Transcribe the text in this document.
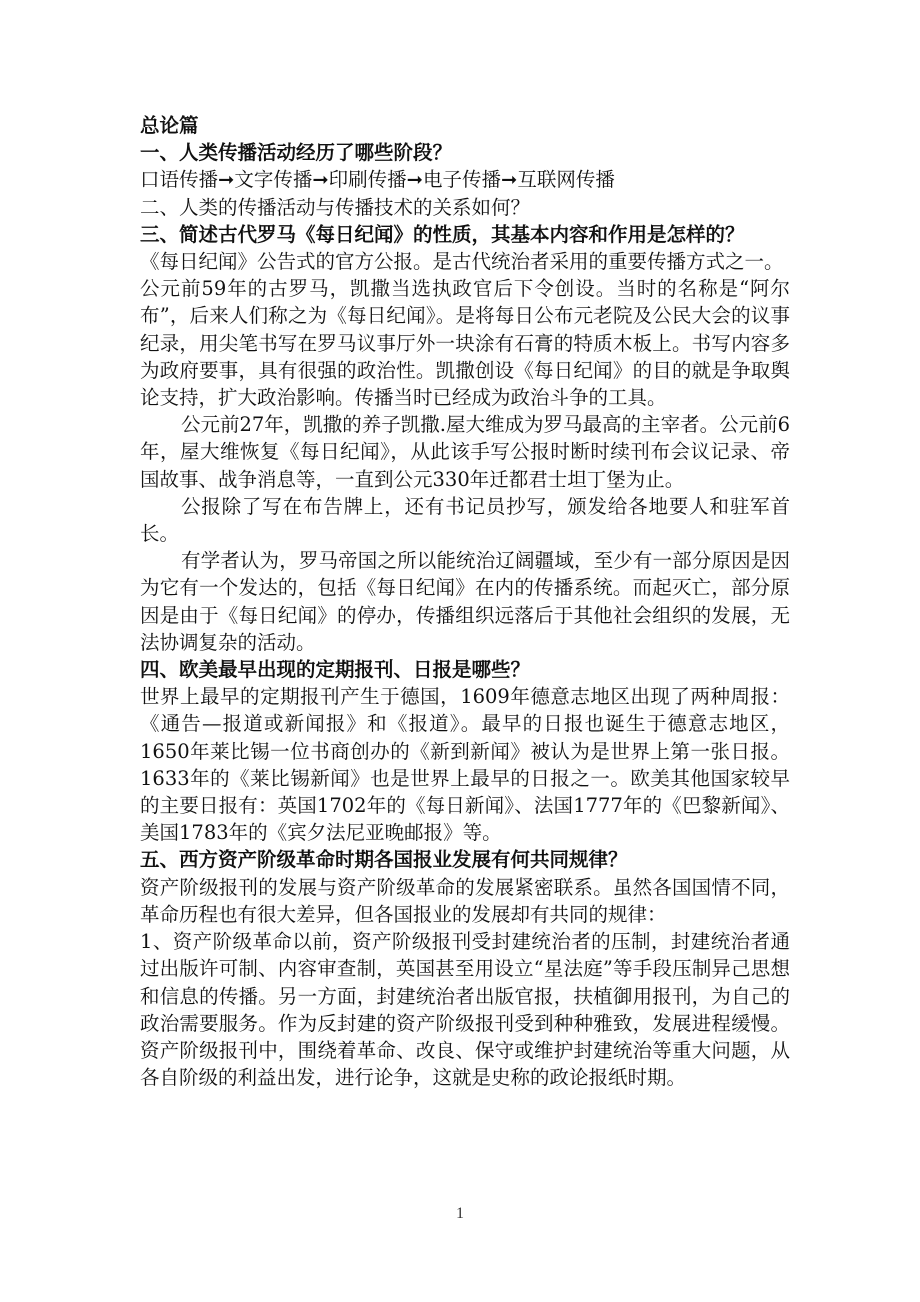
总论篇

一、人类传播活动经历了哪些阶段？

口语传播➞文字传播➞印刷传播➞电子传播➞互联网传播

二、人类的传播活动与传播技术的关系如何？

三、简述古代罗马《每日纪闻》的性质，其基本内容和作用是怎样的？

《每日纪闻》公告式的官方公报。是古代统治者采用的重要传播方式之一。

公元前59年的古罗马，凯撒当选执政官后下令创设。当时的名称是“阿尔布”，后来人们称之为《每日纪闻》。是将每日公布元老院及公民大会的议事纪录，用尖笔书写在罗马议事厅外一块涂有石膏的特质木板上。书写内容多为政府要事，具有很强的政治性。凯撒创设《每日纪闻》的目的就是争取舆论支持，扩大政治影响。传播当时已经成为政治斗争的工具。

公元前27年，凯撒的养子凯撒.屋大维成为罗马最高的主宰者。公元前6年，屋大维恢复《每日纪闻》，从此该手写公报时断时续刊布会议记录、帝国故事、战争消息等，一直到公元330年迁都君士坦丁堡为止。

公报除了写在布告牌上，还有书记员抄写，颁发给各地要人和驻军首长。

有学者认为，罗马帝国之所以能统治辽阔疆域，至少有一部分原因是因为它有一个发达的，包括《每日纪闻》在内的传播系统。而起灭亡，部分原因是由于《每日纪闻》的停办，传播组织远落后于其他社会组织的发展，无法协调复杂的活动。

四、欧美最早出现的定期报刊、日报是哪些？

世界上最早的定期报刊产生于德国，1609年德意志地区出现了两种周报：《通告—报道或新闻报》和《报道》。最早的日报也诞生于德意志地区，1650年莱比锡一位书商创办的《新到新闻》被认为是世界上第一张日报。1633年的《莱比锡新闻》也是世界上最早的日报之一。欧美其他国家较早的主要日报有：英国1702年的《每日新闻》、法国1777年的《巴黎新闻》、美国1783年的《宾夕法尼亚晚邮报》等。

五、西方资产阶级革命时期各国报业发展有何共同规律？

资产阶级报刊的发展与资产阶级革命的发展紧密联系。虽然各国国情不同，革命历程也有很大差异，但各国报业的发展却有共同的规律：

1、资产阶级革命以前，资产阶级报刊受封建统治者的压制，封建统治者通过出版许可制、内容审查制，英国甚至用设立“星法庭”等手段压制异己思想和信息的传播。另一方面，封建统治者出版官报，扶植御用报刊，为自己的政治需要服务。作为反封建的资产阶级报刊受到种种雅致，发展进程缓慢。资产阶级报刊中，围绕着革命、改良、保守或维护封建统治等重大问题，从各自阶级的利益出发，进行论争，这就是史称的政论报纸时期。

1
